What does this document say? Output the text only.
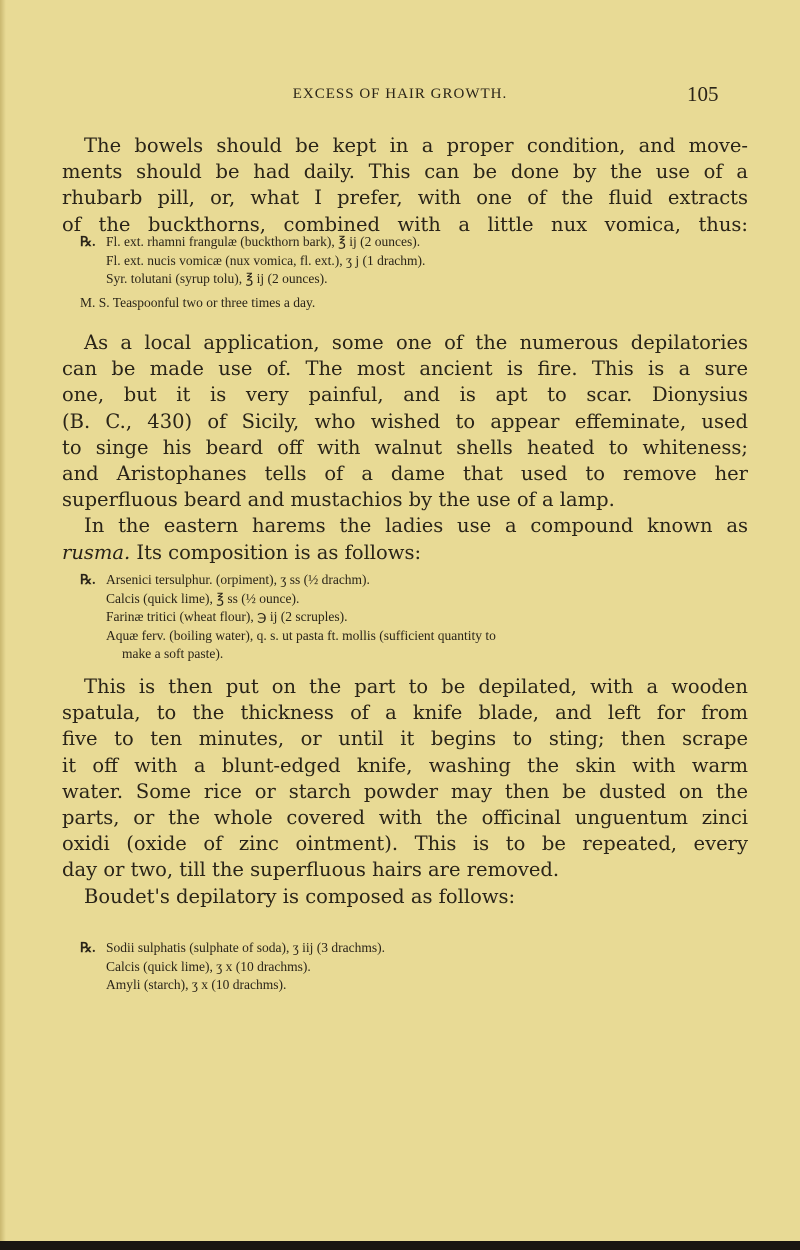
EXCESS OF HAIR GROWTH.	105
The bowels should be kept in a proper condition, and move-
ments should be had daily. This can be done by the use of a
rhubarb pill, or, what I prefer, with one of the fluid extracts
of the buckthorns, combined with a little nux vomica, thus:
℞. Fl. ext. rhamni frangulæ (buckthorn bark), ℥ ij (2 ounces).
Fl. ext. nucis vomicæ (nux vomica, fl. ext.), ʒ j (1 drachm).
Syr. tolutani (syrup tolu), ℥ ij (2 ounces).
M. S. Teaspoonful two or three times a day.
As a local application, some one of the numerous depilatories
can be made use of. The most ancient is fire. This is a sure
one, but it is very painful, and is apt to scar. Dionysius
(B. C., 430) of Sicily, who wished to appear effeminate, used
to singe his beard off with walnut shells heated to whiteness;
and Aristophanes tells of a dame that used to remove her
superfluous beard and mustachios by the use of a lamp.
In the eastern harems the ladies use a compound known as
rusma. Its composition is as follows:
℞. Arsenici tersulphur. (orpiment), ʒ ss (½ drachm).
Calcis (quick lime), ℥ ss (½ ounce).
Farinæ tritici (wheat flour), ℈ ij (2 scruples).
Aquæ ferv. (boiling water), q. s. ut pasta ft. mollis (sufficient quantity to
make a soft paste).
This is then put on the part to be depilated, with a wooden
spatula, to the thickness of a knife blade, and left for from
five to ten minutes, or until it begins to sting; then scrape
it off with a blunt-edged knife, washing the skin with warm
water. Some rice or starch powder may then be dusted on the
parts, or the whole covered with the officinal unguentum zinci
oxidi (oxide of zinc ointment). This is to be repeated, every
day or two, till the superfluous hairs are removed.
Boudet's depilatory is composed as follows:
℞. Sodii sulphatis (sulphate of soda), ʒ iij (3 drachms).
Calcis (quick lime), ʒ x (10 drachms).
Amyli (starch), ʒ x (10 drachms).
